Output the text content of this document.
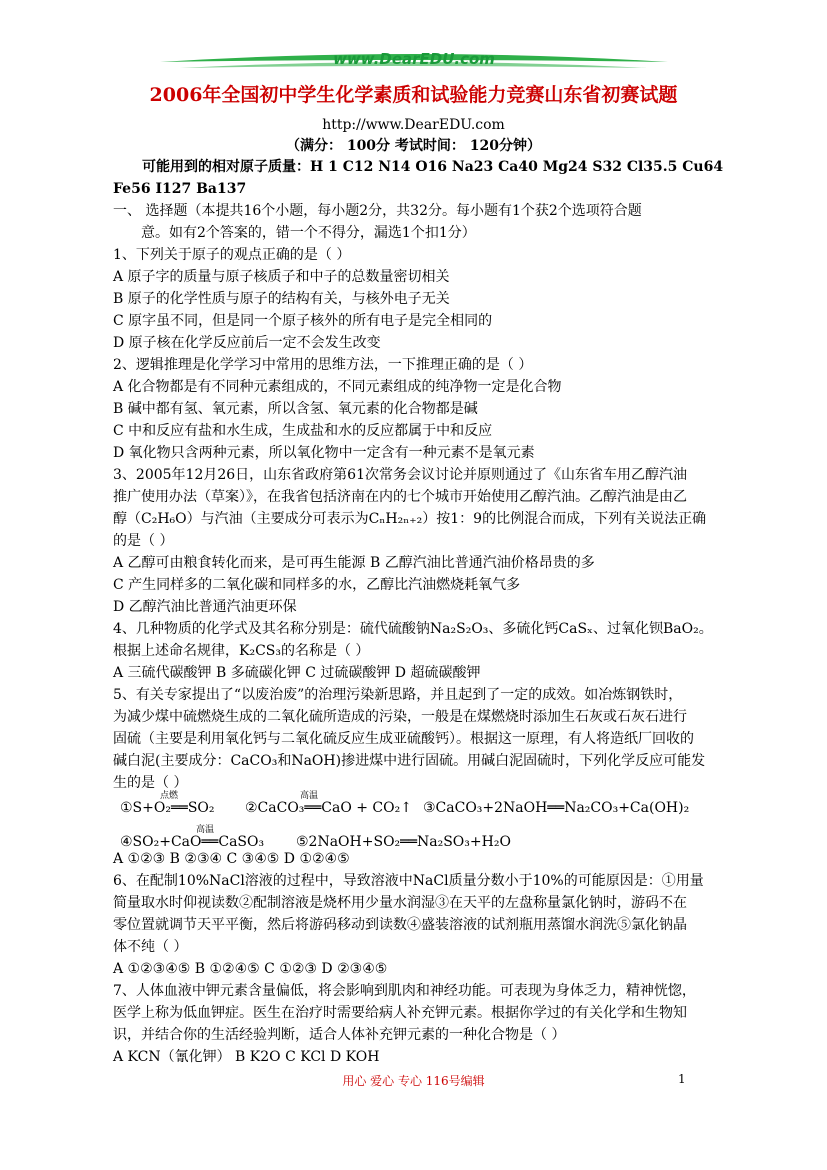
www.DearEDU.com
2006年全国初中学生化学素质和试验能力竞赛山东省初赛试题
http://www.DearEDU.com
（满分： 100分 考试时间： 120分钟）
可能用到的相对原子质量：H 1 C12 N14 O16 Na23 Ca40 Mg24 S32 Cl35.5 Cu64
Fe56 I127 Ba137
一、 选择题（本提共16个小题，每小题2分，共32分。每小题有1个获2个选项符合题
意。如有2个答案的，错一个不得分，漏选1个扣1分）
1、下列关于原子的观点正确的是（ ）
A 原子字的质量与原子核质子和中子的总数量密切相关
B 原子的化学性质与原子的结构有关，与核外电子无关
C 原字虽不同，但是同一个原子核外的所有电子是完全相同的
D 原子核在化学反应前后一定不会发生改变
2、逻辑推理是化学学习中常用的思维方法，一下推理正确的是（ ）
A 化合物都是有不同种元素组成的，不同元素组成的纯净物一定是化合物
B 碱中都有氢、氧元素，所以含氢、氧元素的化合物都是碱
C 中和反应有盐和水生成，生成盐和水的反应都属于中和反应
D 氧化物只含两种元素，所以氧化物中一定含有一种元素不是氧元素
3、2005年12月26日，山东省政府第61次常务会议讨论并原则通过了《山东省车用乙醇汽油
推广使用办法（草案）》，在我省包括济南在内的七个城市开始使用乙醇汽油。乙醇汽油是由乙
醇（C₂H₆O）与汽油（主要成分可表示为CₙH₂ₙ₊₂）按1：9的比例混合而成，下列有关说法正确
的是（ ）
A 乙醇可由粮食转化而来，是可再生能源 B 乙醇汽油比普通汽油价格昂贵的多
C 产生同样多的二氧化碳和同样多的水，乙醇比汽油燃烧耗氧气多
D 乙醇汽油比普通汽油更环保
4、几种物质的化学式及其名称分别是：硫代硫酸钠Na₂S₂O₃、多硫化钙CaSₓ、过氧化钡BaO₂。
根据上述命名规律，K₂CS₃的名称是（ ）
A 三硫代碳酸钾 B 多硫碳化钾 C 过硫碳酸钾 D 超硫碳酸钾
5、有关专家提出了“以废治废”的治理污染新思路，并且起到了一定的成效。如冶炼钢铁时，
为减少煤中硫燃烧生成的二氧化硫所造成的污染，一般是在煤燃烧时添加生石灰或石灰石进行
固硫（主要是利用氧化钙与二氧化硫反应生成亚硫酸钙）。根据这一原理，有人将造纸厂回收的
碱白泥(主要成分：CaCO₃和NaOH)掺进煤中进行固硫。用碱白泥固硫时，下列化学反应可能发
生的是（ ）
点燃
①S+O₂══SO₂
高温
②CaCO₃══CaO + CO₂↑ ③CaCO₃+2NaOH══Na₂CO₃+Ca(OH)₂
高温
④SO₂+CaO══CaSO₃ ⑤2NaOH+SO₂══Na₂SO₃+H₂O
A ①②③ B ②③④ C ③④⑤ D ①②④⑤
6、在配制10%NaCl溶液的过程中，导致溶液中NaCl质量分数小于10%的可能原因是：①用量
简量取水时仰视读数②配制溶液是烧杯用少量水润湿③在天平的左盘称量氯化钠时，游码不在
零位置就调节天平平衡，然后将游码移动到读数④盛装溶液的试剂瓶用蒸馏水润洗⑤氯化钠晶
体不纯（ ）
A ①②③④⑤ B ①②④⑤ C ①②③ D ②③④⑤
7、人体血液中钾元素含量偏低，将会影响到肌肉和神经功能。可表现为身体乏力，精神恍惚，
医学上称为低血钾症。医生在治疗时需要给病人补充钾元素。根据你学过的有关化学和生物知
识，并结合你的生活经验判断，适合人体补充钾元素的一种化合物是（ ）
A KCN（氰化钾） B K2O C KCl D KOH
用心 爱心 专心 116号编辑	1
